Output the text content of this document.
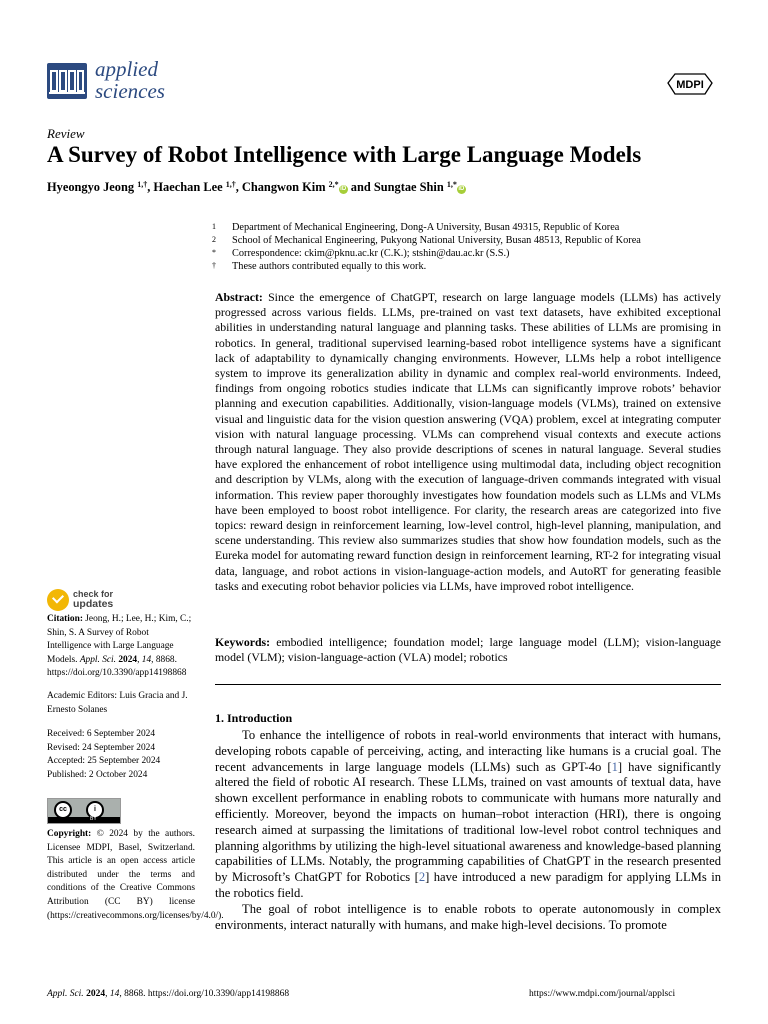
applied
sciences	MDPI
Review
A Survey of Robot Intelligence with Large Language Models
Hyeongyo Jeong $^{1,\dagger}$, Haechan Lee $^{1,\dagger}$, Changwon Kim $^{2,*}$ iD and Sungtae Shin $^{1,*}$ iD
1 Department of Mechanical Engineering, Dong-A University, Busan 49315, Republic of Korea
2 School of Mechanical Engineering, Pukyong National University, Busan 48513, Republic of Korea
* Correspondence: ckim@pknu.ac.kr (C.K.); stshin@dau.ac.kr (S.S.)
† These authors contributed equally to this work.
Abstract: Since the emergence of ChatGPT, research on large language models (LLMs) has actively progressed across various fields. LLMs, pre-trained on vast text datasets, have exhibited exceptional abilities in understanding natural language and planning tasks. These abilities of LLMs are promising in robotics. In general, traditional supervised learning-based robot intelligence systems have a significant lack of adaptability to dynamically changing environments. However, LLMs help a robot intelligence system to improve its generalization ability in dynamic and complex real-world environments. Indeed, findings from ongoing robotics studies indicate that LLMs can significantly improve robots’ behavior planning and execution capabilities. Additionally, vision-language models (VLMs), trained on extensive visual and linguistic data for the vision question answering (VQA) problem, excel at integrating computer vision with natural language processing. VLMs can comprehend visual contexts and execute actions through natural language. They also provide descriptions of scenes in natural language. Several studies have explored the enhancement of robot intelligence using multimodal data, including object recognition and description by VLMs, along with the execution of language-driven commands integrated with visual information. This review paper thoroughly investigates how foundation models such as LLMs and VLMs have been employed to boost robot intelligence. For clarity, the research areas are categorized into five topics: reward design in reinforcement learning, low-level control, high-level planning, manipulation, and scene understanding. This review also summarizes studies that show how foundation models, such as the Eureka model for automating reward function design in reinforcement learning, RT-2 for integrating visual data, language, and robot actions in vision-language-action models, and AutoRT for generating feasible tasks and executing robot behavior policies via LLMs, have improved robot intelligence.
Keywords: embodied intelligence; foundation model; large language model (LLM); vision-language model (VLM); vision-language-action (VLA) model; robotics
1. Introduction

To enhance the intelligence of robots in real-world environments that interact with humans, developing robots capable of perceiving, acting, and interacting like humans is a crucial goal. The recent advancements in large language models (LLMs) such as GPT-4o [1] have significantly altered the field of robotic AI research. These LLMs, trained on vast amounts of textual data, have shown excellent performance in enabling robots to communicate with humans more naturally and efficiently. Moreover, beyond the impacts on human–robot interaction (HRI), there is ongoing research aimed at surpassing the limitations of traditional low-level robot control techniques and planning algorithms by utilizing the high-level situational awareness and knowledge-based planning capabilities of LLMs. Notably, the programming capabilities of ChatGPT in the research presented by Microsoft’s ChatGPT for Robotics [2] have introduced a new paradigm for applying LLMs in the robotics field.

The goal of robot intelligence is to enable robots to operate autonomously in complex environments, interact naturally with humans, and make high-level decisions. To promote

check for
updates
Citation: Jeong, H.; Lee, H.; Kim, C.; Shin, S. A Survey of Robot Intelligence with Large Language Models. Appl. Sci. 2024, 14, 8868. https://doi.org/10.3390/app14198868
Academic Editors: Luis Gracia and J. Ernesto Solanes
Received: 6 September 2024
Revised: 24 September 2024
Accepted: 25 September 2024
Published: 2 October 2024
cc	i
BY
Copyright: © 2024 by the authors. Licensee MDPI, Basel, Switzerland. This article is an open access article distributed under the terms and conditions of the Creative Commons Attribution (CC BY) license (https://creativecommons.org/licenses/by/4.0/).
Appl. Sci. 2024, 14, 8868. https://doi.org/10.3390/app14198868	https://www.mdpi.com/journal/applsci
